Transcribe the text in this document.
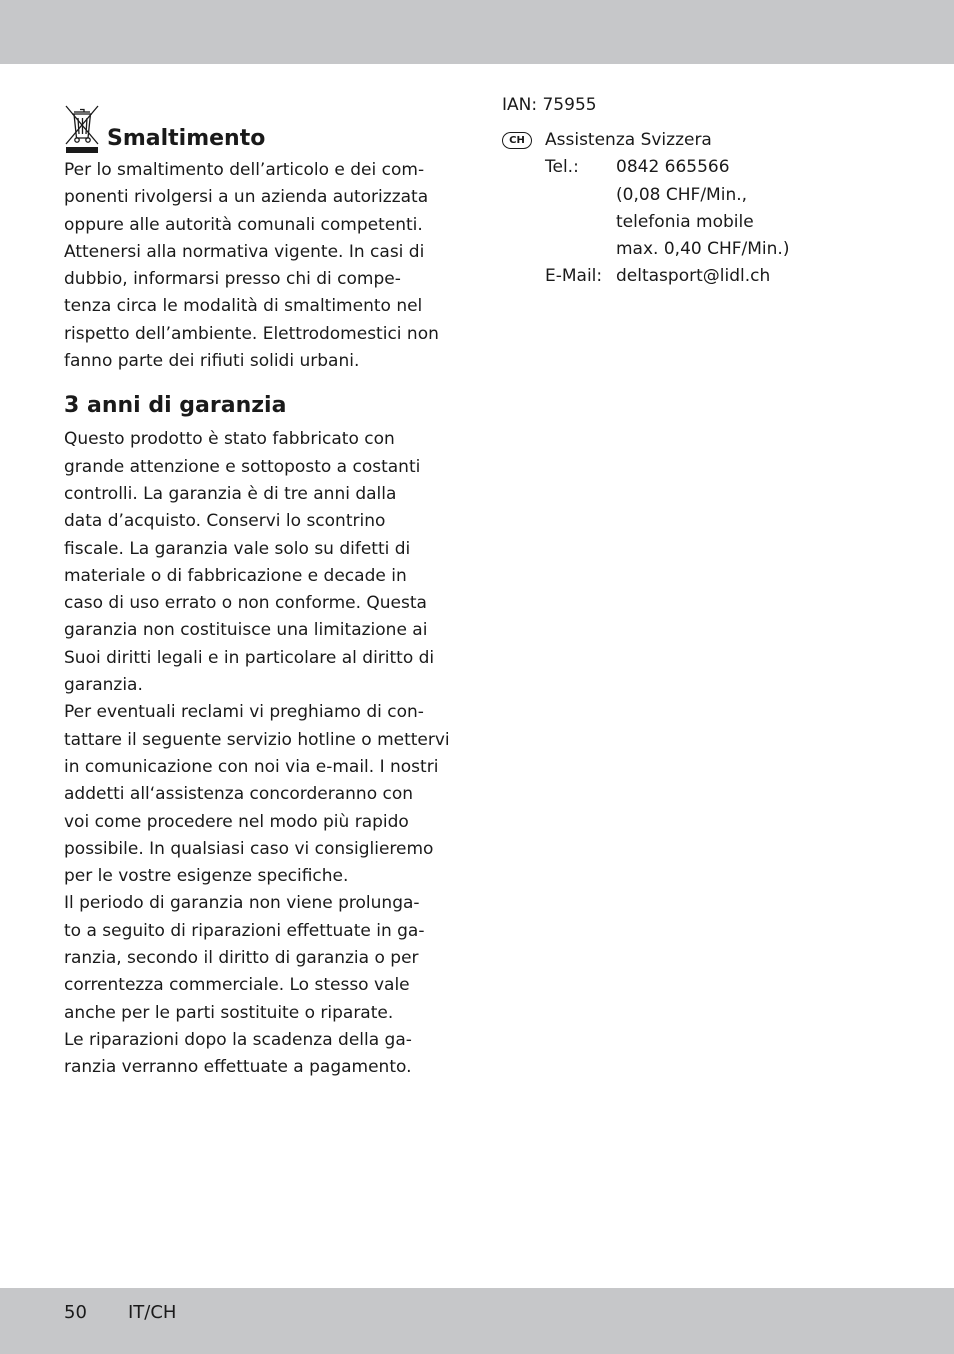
Smaltimento

Per lo smaltimento dell’articolo e dei com-
ponenti rivolgersi a un azienda autorizzata
oppure alle autorità comunali competenti.
Attenersi alla normativa vigente. In casi di
dubbio, informarsi presso chi di compe-
tenza circa le modalità di smaltimento nel
rispetto dell’ambiente. Elettrodomestici non
fanno parte dei rifiuti solidi urbani.

3 anni di garanzia

Questo prodotto è stato fabbricato con
grande attenzione e sottoposto a costanti
controlli. La garanzia è di tre anni dalla
data d’acquisto. Conservi lo scontrino
fiscale. La garanzia vale solo su difetti di
materiale o di fabbricazione e decade in
caso di uso errato o non conforme. Questa
garanzia non costituisce una limitazione ai
Suoi diritti legali e in particolare al diritto di
garanzia.
Per eventuali reclami vi preghiamo di con-
tattare il seguente servizio hotline o mettervi
in comunicazione con noi via e-mail. I nostri
addetti all‘assistenza concorderanno con
voi come procedere nel modo più rapido
possibile. In qualsiasi caso vi consiglieremo
per le vostre esigenze specifiche.
Il periodo di garanzia non viene prolunga-
to a seguito di riparazioni effettuate in ga-
ranzia, secondo il diritto di garanzia o per
correntezza commerciale. Lo stesso vale
anche per le parti sostituite o riparate.
Le riparazioni dopo la scadenza della ga-
ranzia verranno effettuate a pagamento.

IAN: 75955
CH	Assistenza Svizzera
Tel.:	0842 665566
(0,08 CHF/Min.,
telefonia mobile
max. 0,40 CHF/Min.)
E-Mail: deltasport@lidl.ch
50 IT/CH
